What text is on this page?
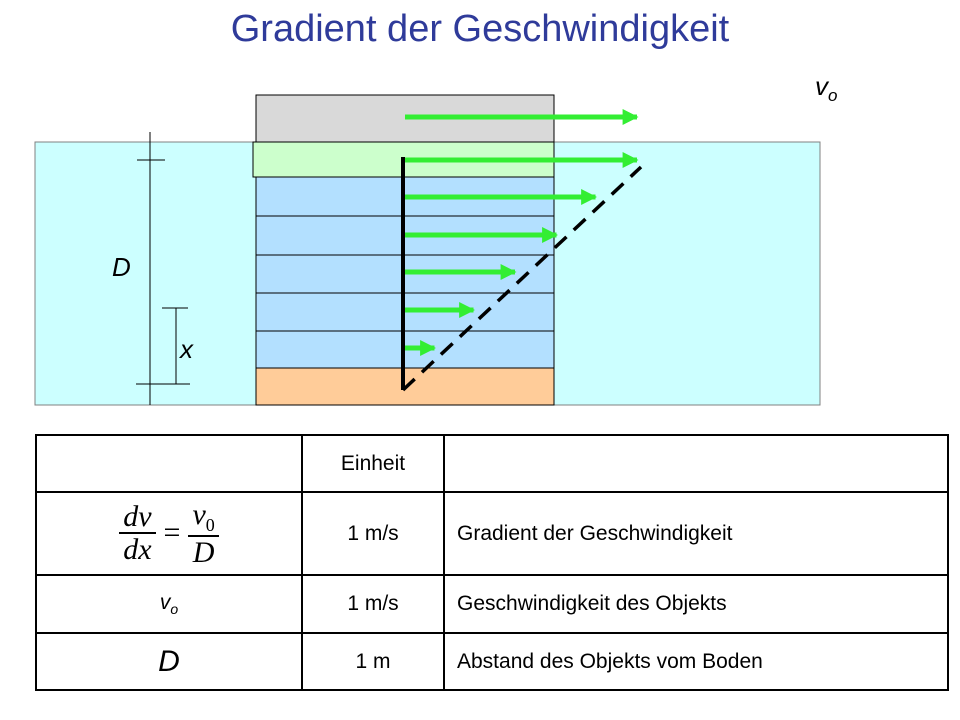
Gradient der Geschwindigkeit
D
x
$v_o$
	Einheit	

$\frac{dv}{dx} = \frac{v_0}{D}$	1 m/s	Gradient der Geschwindigkeit
$v_o$	1 m/s	Geschwindigkeit des Objekts
D	1 m	Abstand des Objekts vom Boden
